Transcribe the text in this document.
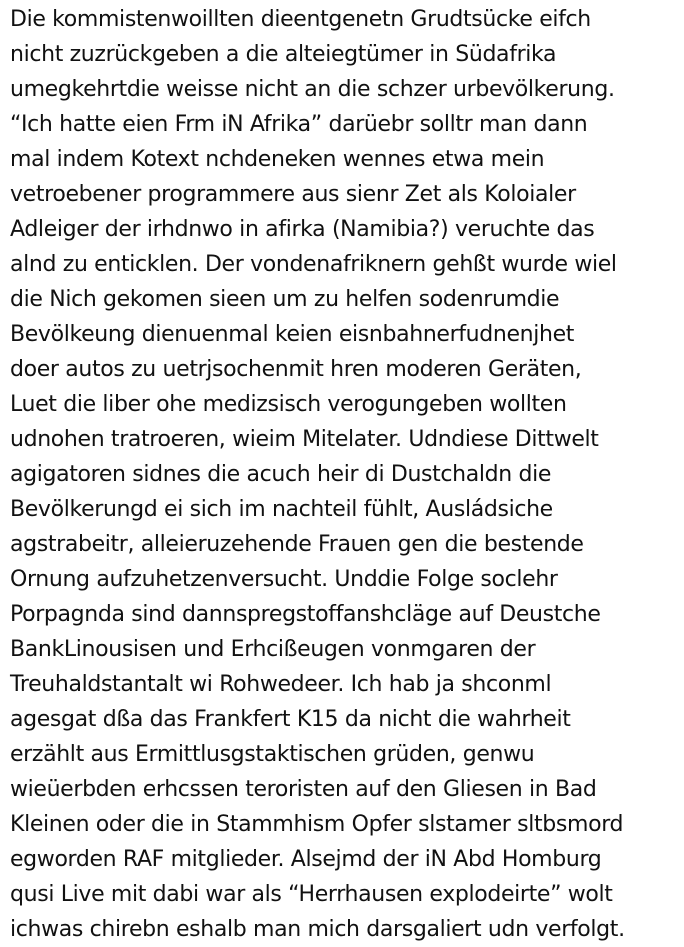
Die kommistenwoillten dieentgenetn Grudtsücke eifch
nicht zuzrückgeben a die alteiegtümer in Südafrika
umegkehrtdie weisse nicht an die schzer urbevölkerung.
“Ich hatte eien Frm iN Afrika” darüebr solltr man dann
mal indem Kotext nchdeneken wennes etwa mein
vetroebener programmere aus sienr Zet als Koloialer
Adleiger der irhdnwo in afirka (Namibia?) veruchte das
alnd zu enticklen. Der vondenafriknern gehßt wurde wiel
die Nich gekomen sieen um zu helfen sodenrumdie
Bevölkeung dienuenmal keien eisnbahnerfudnenjhet
doer autos zu uetrjsochenmit hren moderen Geräten,
Luet die liber ohe medizsisch verogungeben wollten
udnohen tratroeren, wieim Mitelater. Udndiese Dittwelt
agigatoren sidnes die acuch heir di Dustchaldn die
Bevölkerungd ei sich im nachteil fühlt, Ausládsiche
agstrabeitr, alleieruzehende Frauen gen die bestende
Ornung aufzuhetzenversucht. Unddie Folge soclehr
Porpagnda sind dannspregstoffanshcläge auf Deustche
BankLinousisen und Erhcißeugen vonmgaren der
Treuhaldstantalt wi Rohwedeer. Ich hab ja shconml
agesgat dßa das Frankfert K15 da nicht die wahrheit
erzählt aus Ermittlusgstaktischen grüden, genwu
wieüerbden erhcssen teroristen auf den Gliesen in Bad
Kleinen oder die in Stammhism Opfer slstamer sltbsmord
egworden RAF mitglieder. Alsejmd der iN Abd Homburg
qusi Live mit dabi war als “Herrhausen explodeirte” wolt
ichwas chirebn eshalb man mich darsgaliert udn verfolgt.
